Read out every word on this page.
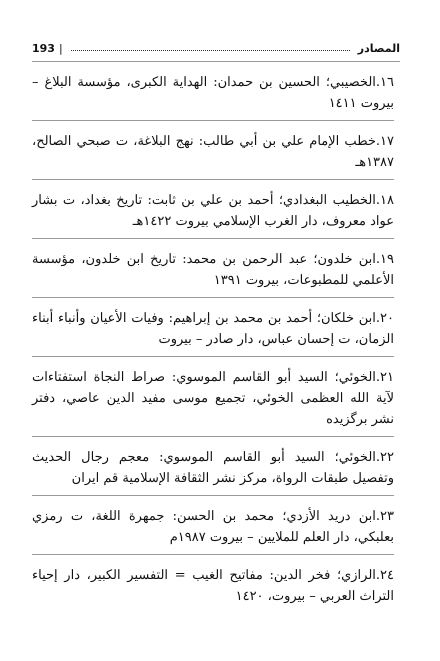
المصادر
|
193

١٦.الخصيبي؛ الحسين بن حمدان: الهداية الكبرى، مؤسسة البلاغ – بيروت ١٤١١

١٧.خطب الإمام علي بن أبي طالب: نهج البلاغة، ت صبحي الصالح، ١٣٨٧هـ

١٨.الخطيب البغدادي؛ أحمد بن علي بن ثابت: تاريخ بغداد، ت بشار عواد معروف، دار الغرب الإسلامي بيروت ١٤٢٢هـ

١٩.ابن خلدون؛ عبد الرحمن بن محمد: تاريخ ابن خلدون، مؤسسة الأعلمي للمطبوعات، بيروت ١٣٩١

٢٠.ابن خلكان؛ أحمد بن محمد بن إبراهيم: وفيات الأعيان وأنباء أبناء الزمان، ت إحسان عباس، دار صادر – بيروت

٢١.الخوئي؛ السيد أبو القاسم الموسوي: صراط النجاة استفتاءات لآية الله العظمى الخوئي، تجميع موسى مفيد الدين عاصي، دفتر نشر برگزيده

٢٢.الخوئي؛ السيد أبو القاسم الموسوي: معجم رجال الحديث وتفصيل طبقات الرواة، مركز نشر الثقافة الإسلامية قم ايران

٢٣.ابن دريد الأزدي؛ محمد بن الحسن: جمهرة اللغة، ت رمزي بعلبكي، دار العلم للملايين – بيروت ١٩٨٧م

٢٤.الرازي؛ فخر الدين: مفاتيح الغيب = التفسير الكبير، دار إحياء التراث العربي – بيروت، ١٤٢٠
